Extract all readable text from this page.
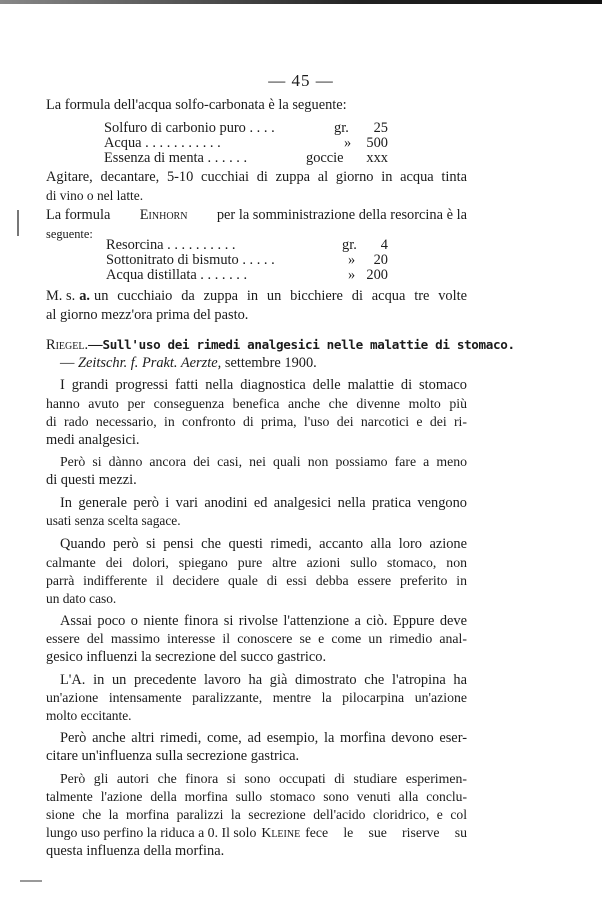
— 45 —
La formula dell'acqua solfo-carbonata è la seguente:
Solfuro di carbonio puro . . . .	gr. 25
Acqua . . . . . . . . . . .	» 500
Essenza di menta . . . . . .	goccie xxx
Agitare, decantare, 5-10 cucchiai di zuppa al giorno in acqua tinta
di vino o nel latte.
La formula Einhorn per la somministrazione della resorcina è la
seguente:
Resorcina . . . . . . . . . .	gr. 4
Sottonitrato di bismuto . . . . .	» 20
Acqua distillata . . . . . . .	» 200
M. s. a. un cucchiaio da zuppa in un bicchiere di acqua tre volte
al giorno mezz'ora prima del pasto.
Riegel. — Sull'uso dei rimedi analgesici nelle malattie di stomaco.
— Zeitschr. f. Prakt. Aerzte, settembre 1900.
I grandi progressi fatti nella diagnostica delle malattie di stomaco
hanno avuto per conseguenza benefica anche che divenne molto più
di rado necessario, in confronto di prima, l'uso dei narcotici e dei ri-
medi analgesici.
Però si dànno ancora dei casi, nei quali non possiamo fare a meno
di questi mezzi.
In generale però i vari anodini ed analgesici nella pratica vengono
usati senza scelta sagace.
Quando però si pensi che questi rimedi, accanto alla loro azione
calmante dei dolori, spiegano pure altre azioni sullo stomaco, non
parrà indifferente il decidere quale di essi debba essere preferito in
un dato caso.
Assai poco o niente finora si rivolse l'attenzione a ciò. Eppure deve
essere del massimo interesse il conoscere se e come un rimedio anal-
gesico influenzi la secrezione del succo gastrico.
L'A. in un precedente lavoro ha già dimostrato che l'atropina ha
un'azione intensamente paralizzante, mentre la pilocarpina un'azione
molto eccitante.
Però anche altri rimedi, come, ad esempio, la morfina devono eser-
citare un'influenza sulla secrezione gastrica.
Però gli autori che finora si sono occupati di studiare esperimen-
talmente l'azione della morfina sullo stomaco sono venuti alla conclu-
sione che la morfina paralizzi la secrezione dell'acido cloridrico, e col
lungo uso perfino la riduca a 0. Il solo Kleine fece le sue riserve su
questa influenza della morfina.
